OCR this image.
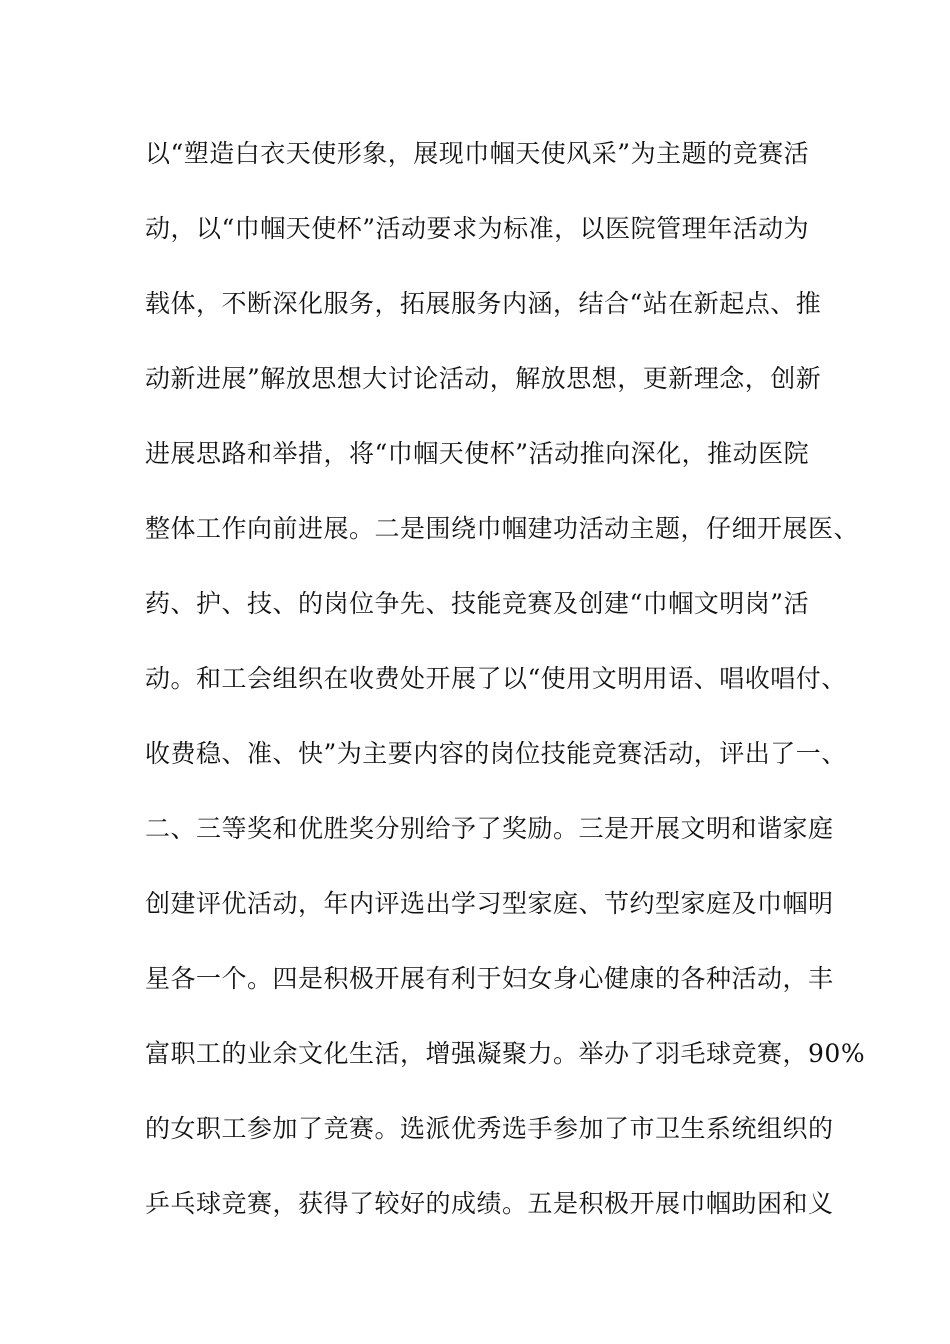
以“塑造白衣天使形象，展现巾帼天使风采”为主题的竞赛活
动，以“巾帼天使杯”活动要求为标准，以医院管理年活动为
载体，不断深化服务，拓展服务内涵，结合“站在新起点、推
动新进展”解放思想大讨论活动，解放思想，更新理念，创新
进展思路和举措，将“巾帼天使杯”活动推向深化，推动医院
整体工作向前进展。二是围绕巾帼建功活动主题，仔细开展医、
药、护、技、的岗位争先、技能竞赛及创建“巾帼文明岗”活
动。和工会组织在收费处开展了以“使用文明用语、唱收唱付、
收费稳、准、快”为主要内容的岗位技能竞赛活动，评出了一、
二、三等奖和优胜奖分别给予了奖励。三是开展文明和谐家庭
创建评优活动，年内评选出学习型家庭、节约型家庭及巾帼明
星各一个。四是积极开展有利于妇女身心健康的各种活动，丰
富职工的业余文化生活，增强凝聚力。举办了羽毛球竞赛，90%
的女职工参加了竞赛。选派优秀选手参加了市卫生系统组织的
乒乓球竞赛，获得了较好的成绩。五是积极开展巾帼助困和义
